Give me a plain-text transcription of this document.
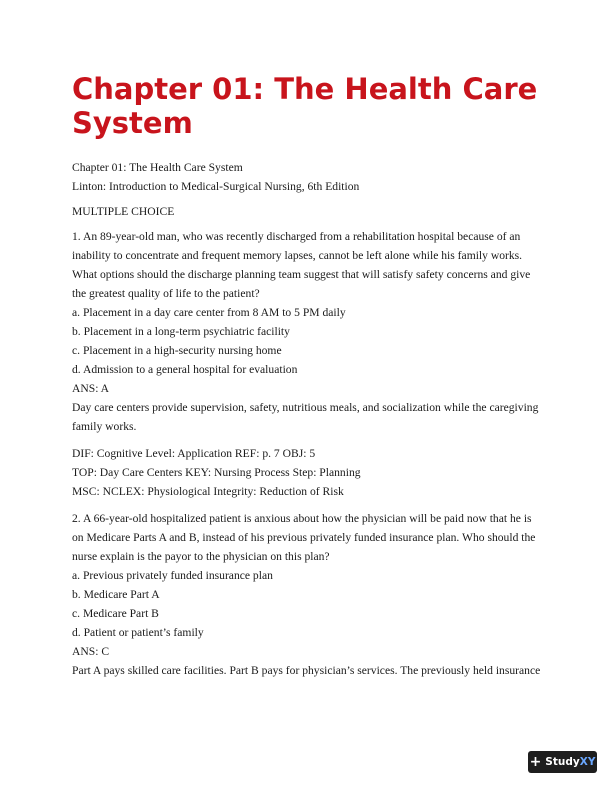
Chapter 01: The Health Care
System

Chapter 01: The Health Care System

Linton: Introduction to Medical-Surgical Nursing, 6th Edition

MULTIPLE CHOICE

1. An 89-year-old man, who was recently discharged from a rehabilitation hospital because of an

inability to concentrate and frequent memory lapses, cannot be left alone while his family works.

What options should the discharge planning team suggest that will satisfy safety concerns and give

the greatest quality of life to the patient?

a. Placement in a day care center from 8 AM to 5 PM daily

b. Placement in a long-term psychiatric facility

c. Placement in a high-security nursing home

d. Admission to a general hospital for evaluation

ANS: A

Day care centers provide supervision, safety, nutritious meals, and socialization while the caregiving

family works.

DIF: Cognitive Level: Application REF: p. 7 OBJ: 5

TOP: Day Care Centers KEY: Nursing Process Step: Planning

MSC: NCLEX: Physiological Integrity: Reduction of Risk

2. A 66-year-old hospitalized patient is anxious about how the physician will be paid now that he is

on Medicare Parts A and B, instead of his previous privately funded insurance plan. Who should the

nurse explain is the payor to the physician on this plan?

a. Previous privately funded insurance plan

b. Medicare Part A

c. Medicare Part B

d. Patient or patient’s family

ANS: C

Part A pays skilled care facilities. Part B pays for physician’s services. The previously held insurance

+ StudyXY
